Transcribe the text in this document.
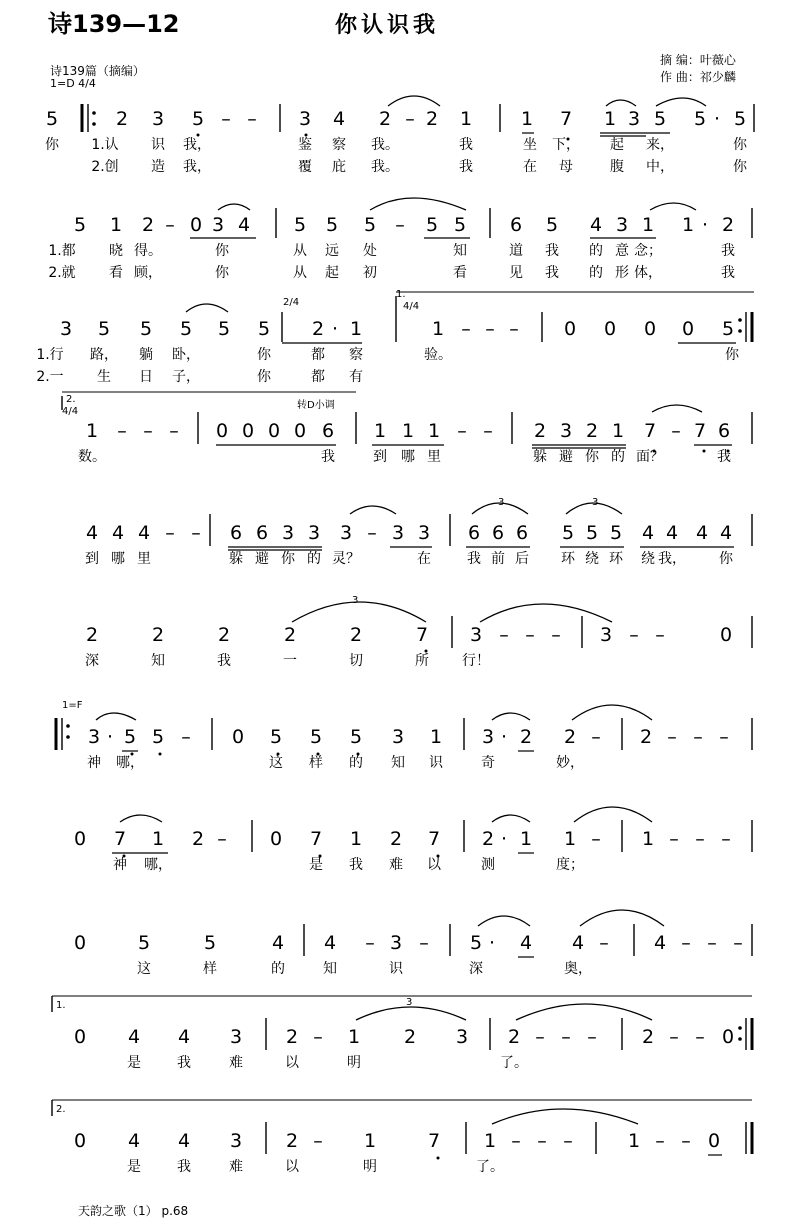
诗139—12	你认识我
诗139篇（摘编）
1=D 4/4
摘 编：叶薇心
作 曲：祁少麟
5	2 3 5 – – 3 4 2 – 2 1	1 7 1 3 5 5 · 5
你 1.认 识 我，	鉴 察 我。	我	坐 下， 起 来，	你
2.创 造 我，	覆 庇 我。	我	在 母	腹 中，	你
5 1 2 – 0 3 4 5 5 5 – 5 5 6 5 4 3 1 1 · 2
1.都 晓 得。	你	从 远 处	知	道 我 的 意 念；	我
2.就 看 顾，	你	从 起 初	看	见 我 的 形 体，	我
3 5 5 5 5 5 2 · 1	1 – – – 0 0 0 0 5
1.行 路， 躺 卧，	你	都 察	验。	你
2.一 生 日 子，	你	都 有
1 – – – 0 0 0 0 6 1 1 1 – – 2 3 2 1 7 – 7 6
数。	我	到 哪 里	躲 避 你 的 面？	我
4 4 4 – – 6 6 3 3 3 – 3 3 6 6 6 5 5 5 4 4 4 4
到 哪 里	躲 避 你 的 灵？	在	我 前 后 环 绕 环 绕 我， 你
2	2	2	2	2	7 3 – – – 3 – –	0
深	知	我	一	切	所 行！
3 · 5 5 – 0 5 5 5 3 1 3 · 2 2 – 2 – – –
神 哪，	这 样 的 知 识	奇	妙，
0 7 1 2 – 0 7 1 2 7 2 · 1 1 – 1 – – –
神 哪，	是 我 难 以	测	度；
0	5	5	4 4 – 3 – 5 · 4 4 – 4 – – –
这	样	的	知	识	深	奥，
0 4 4 3 2 – 1 2 3 2 – – – 2 – – 0
是	我	难	以	明	了。
0 4 4 3 2 – 1	7 1 – – –	1 – – 0
是	我	难	以	明	了。
2/4
1.
4/4
2.
4/4
转D小调
1=F
1.
2.
3
3	3
3
天韵之歌（1） p.68
